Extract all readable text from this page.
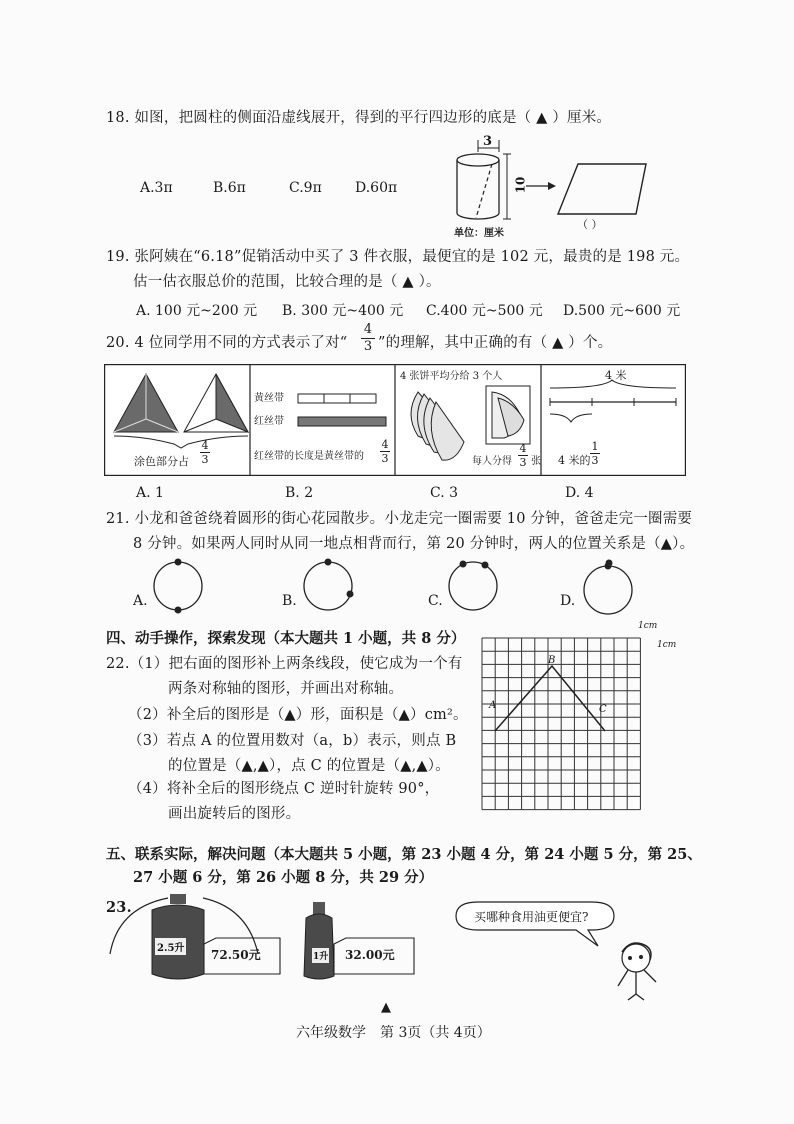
18. 如图，把圆柱的侧面沿虚线展开，得到的平行四边形的底是（ ▲ ）厘米。
A.3π	B.6π	C.9π D.60π
3
10
单位：厘米
（ ）
19. 张阿姨在“6.18”促销活动中买了 3 件衣服，最便宜的是 102 元，最贵的是 198 元。
估一估衣服总价的范围，比较合理的是（ ▲ ）。
A. 100 元~200 元 B. 300 元~400 元 C.400 元~500 元 D.500 元~600 元
20. 4 位同学用不同的方式表示了对“ $\frac{4}{3}$ ”的理解，其中正确的有（ ▲ ）个。
涂色部分占 $\frac{4}{3}$
黄丝带
红丝带
红丝带的长度是黄丝带的 $\frac{4}{3}$
4 张饼平均分给 3 个人
每人分得 $\frac{4}{3}$ 张
4 米
4 米的 $\frac{1}{3}$
A. 1	B. 2	C. 3	D. 4
21. 小龙和爸爸绕着圆形的街心花园散步。小龙走完一圈需要 10 分钟，爸爸走完一圈需要
8 分钟。如果两人同时从同一地点相背而行，第 20 分钟时，两人的位置关系是（▲）。
A.	B.	C.	D.
四、动手操作，探索发现（本大题共 1 小题，共 8 分）
22.（1）把右面的图形补上两条线段，使它成为一个有
两条对称轴的图形，并画出对称轴。
（2）补全后的图形是（▲）形，面积是（▲）cm²。
（3）若点 A 的位置用数对（a，b）表示，则点 B
的位置是（▲,▲），点 C 的位置是（▲,▲）。
（4）将补全后的图形绕点 C 逆时针旋转 90°，
画出旋转后的图形。
1cm
1cm
A
B
C
五、联系实际，解决问题（本大题共 5 小题，第 23 小题 4 分，第 24 小题 5 分，第 25、
27 小题 6 分，第 26 小题 8 分，共 29 分）
23.
2.5升 72.50元	1升 32.00元
买哪种食用油更便宜?
▲
六年级数学　第 3页（共 4页）
